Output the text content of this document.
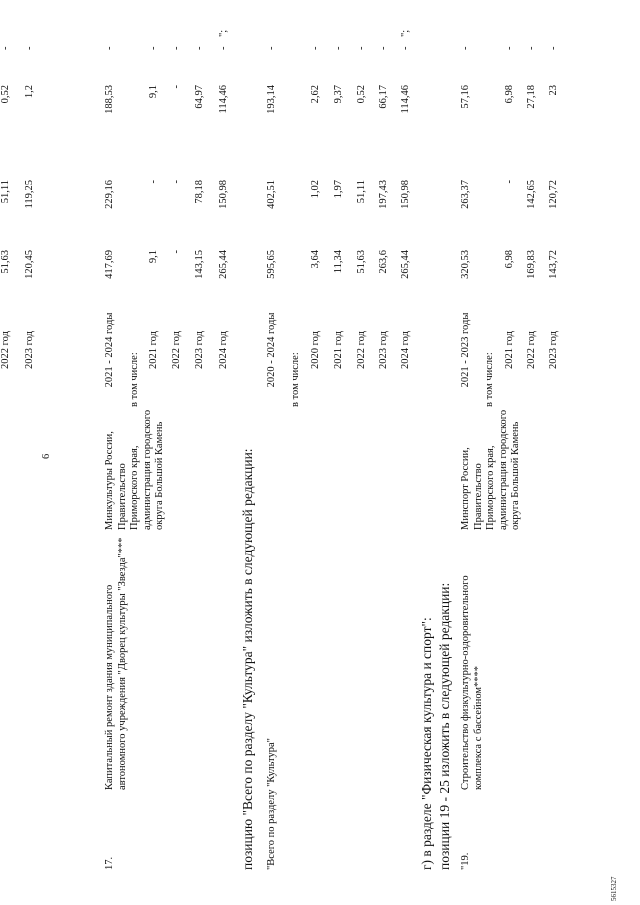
6
5615327
17.
Капитальный ремонт здания муниципального автономного учреждения "Дворец культуры "Звезда"***
Минкультуры России, Правительство Приморского края, администрация городского округа Большой Камень
2022 год
51,63
51,11
0,52
-
2023 год
120,45
119,25
1,2
-
2021 - 2024 годы
417,69
229,16
188,53
-
в том числе:
2021 год
9,1
-
9,1
-
2022 год
-
-
-
-
2023 год
143,15
78,18
64,97
-
2024 год
265,44
150,98
114,46
-
";
позицию "Всего по разделу "Культура" изложить в следующей редакции: "Всего по разделу "Культура"
2020 - 2024 годы
595,65
402,51
193,14
-
в том числе:
2020 год
3,64
1,02
2,62
-
2021 год
11,34
1,97
9,37
-
2022 год
51,63
51,11
0,52
-
2023 год
263,6
197,43
66,17
-
2024 год
265,44
150,98
114,46
-
";
г) в разделе "Физическая культура и спорт": позиции 19 - 25 изложить в следующей редакции: "19.
Строительство физкультурно-оздоровительного комплекса с бассейном****
Минспорт России, Правительство Приморского края, администрация городского округа Большой Камень
2021 - 2023 годы
320,53
263,37
57,16
-
в том числе:
2021 год
6,98
-
6,98
-
2022 год
169,83
142,65
27,18
-
2023 год
143,72
120,72
23
-
